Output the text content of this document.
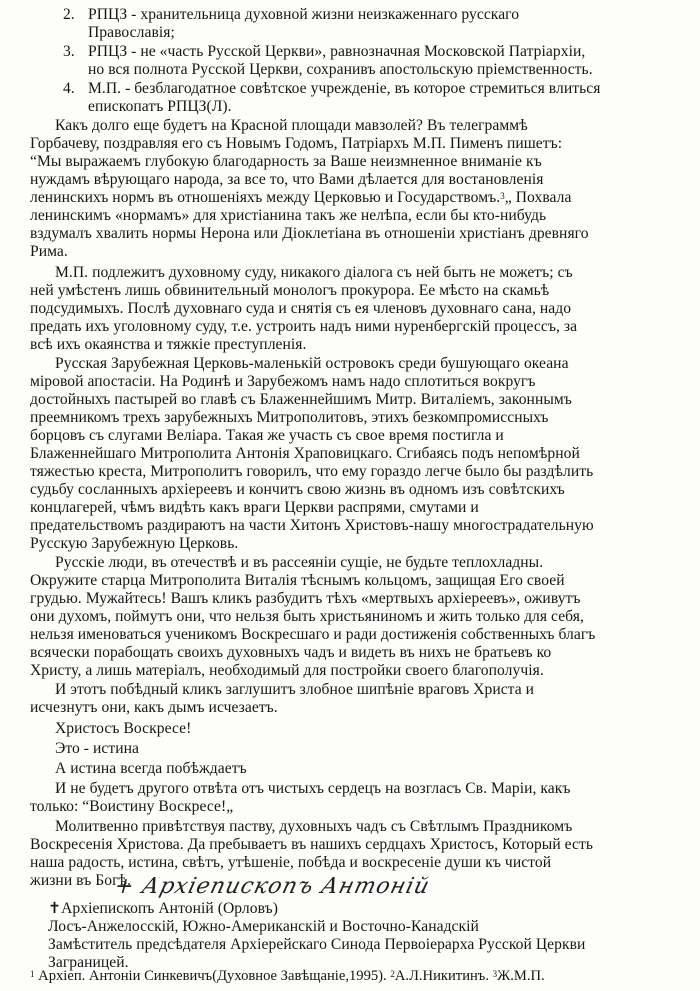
2. РПЦЗ - хранительница духовной жизни неизкаженнаго русскаго
Православія;
3. РПЦЗ - не «часть Русской Церкви», равнозначная Московской Патріархіи,
но вся полнота Русской Церкви, сохранивъ апостольскую пріемственность.
4. М.П. - безблагодатное совѣтское учрежденіе, въ которое стремиться влиться
епископатъ РПЦЗ(Л).
Какъ долго еще будетъ на Красной площади мавзолей? Въ телеграммѣ
Горбачеву, поздравляя его съ Новымъ Годомъ, Патріархъ М.П. Пименъ пишетъ:
“Мы выражаемъ глубокую благодарность за Ваше неизмненное вниманіе къ
нуждамъ вѣрующаго народа, за все то, что Вами дѣлается для востановленія
ленинскихъ нормъ въ отношеніяхъ между Церковью и Государствомъ.$^3$„ Похвала
ленинскимъ «нормамъ» для христіанина такъ же нелѣпа, если бы кто-нибудь
вздумалъ хвалить нормы Нерона или Діоклетіана въ отношеніи христіанъ древняго
Рима.
М.П. подлежитъ духовному суду, никакого діалога съ ней быть не можетъ; съ
ней умѣстенъ лишь обвинительный монологъ прокурора. Ее мѣсто на скамьѣ
подсудимыхъ. Послѣ духовнаго суда и снятія съ ея членовъ духовнаго сана, надо
предать ихъ уголовному суду, т.е. устроить надъ ними нуренбергскій процессъ, за
всѣ ихъ окаянства и тяжкіе преступленія.
Русская Зарубежная Церковь-маленькій островокъ среди бушующаго океана
міровой апостасіи. На Родинѣ и Зарубежомъ намъ надо сплотиться вокругъ
достойныхъ пастырей во главѣ съ Блаженнейшимъ Митр. Виталіемъ, законнымъ
преемникомъ трехъ зарубежныхъ Митрополитовъ, этихъ безкомпромиссныхъ
борцовъ съ слугами Веліара. Такая же участь съ свое время постигла и
Блаженнейшаго Митрополита Антонія Храповицкаго. Сгибаясь подъ непомѣрной
тяжестью креста, Митрополитъ говорилъ, что ему гораздо легче было бы раздѣлить
судьбу сосланныхъ архіереевъ и кончитъ свою жизнь въ одномъ изъ совѣтскихъ
концлагерей, чѣмъ видѣть какъ враги Церкви распрями, смутами и
предательствомъ раздираютъ на части Хитонъ Христовъ-нашу многострадательную
Русскую Зарубежную Церковь.
Русскіе люди, въ отечествѣ и въ рассеяніи сущіе, не будьте теплохладны.
Окружите старца Митрополита Виталія тѣснымъ кольцомъ, защищая Его своей
грудью. Мужайтесь! Вашъ кликъ разбудитъ тѣхъ «мертвыхъ архіереевъ», оживутъ
они духомъ, поймутъ они, что нельзя быть христьяниномъ и жить только для себя,
нельзя именоваться ученикомъ Воскресшаго и ради достиженія собственныхъ благъ
всячески порабощать своихъ духовныхъ чадъ и видеть въ нихъ не братьевъ ко
Христу, а лишь матеріалъ, необходимый для постройки своего благополучія.
И этотъ побѣдный кликъ заглушитъ злобное шипѣніе враговъ Христа и
исчезнутъ они, какъ дымъ исчезаетъ.
Христосъ Воскресе!
Это - истина
А истина всегда побѣждаетъ
И не будетъ другого отвѣта отъ чистыхъ сердецъ на возгласъ Св. Маріи, какъ
только: “Воистину Воскресе!„
Молитвенно привѣтствуя паству, духовныхъ чадъ съ Свѣтлымъ Праздникомъ
Воскресенія Христова. Да пребываетъ въ нашихъ сердцахъ Христосъ, Который есть
наша радость, истина, свѣтъ, утѣшеніе, побѣда и воскресеніе души къ чистой
жизни въ Богѣ.
+ Архіепископъ Антоній
✝Архіепископъ Антоній (Орловъ)
Лосъ-Анжелосскій, Южно-Американскій и Восточно-Канадскій
Замѣститель предсѣдателя Архіерейскаго Синода Первоіерарха Русской Церкви
Заграницей.
$^1$ Архіеп. Антоніи Синкевичъ(Духовное Завѣщаніе,1995). $^2$А.Л.Никитинъ. $^3$Ж.М.П.
